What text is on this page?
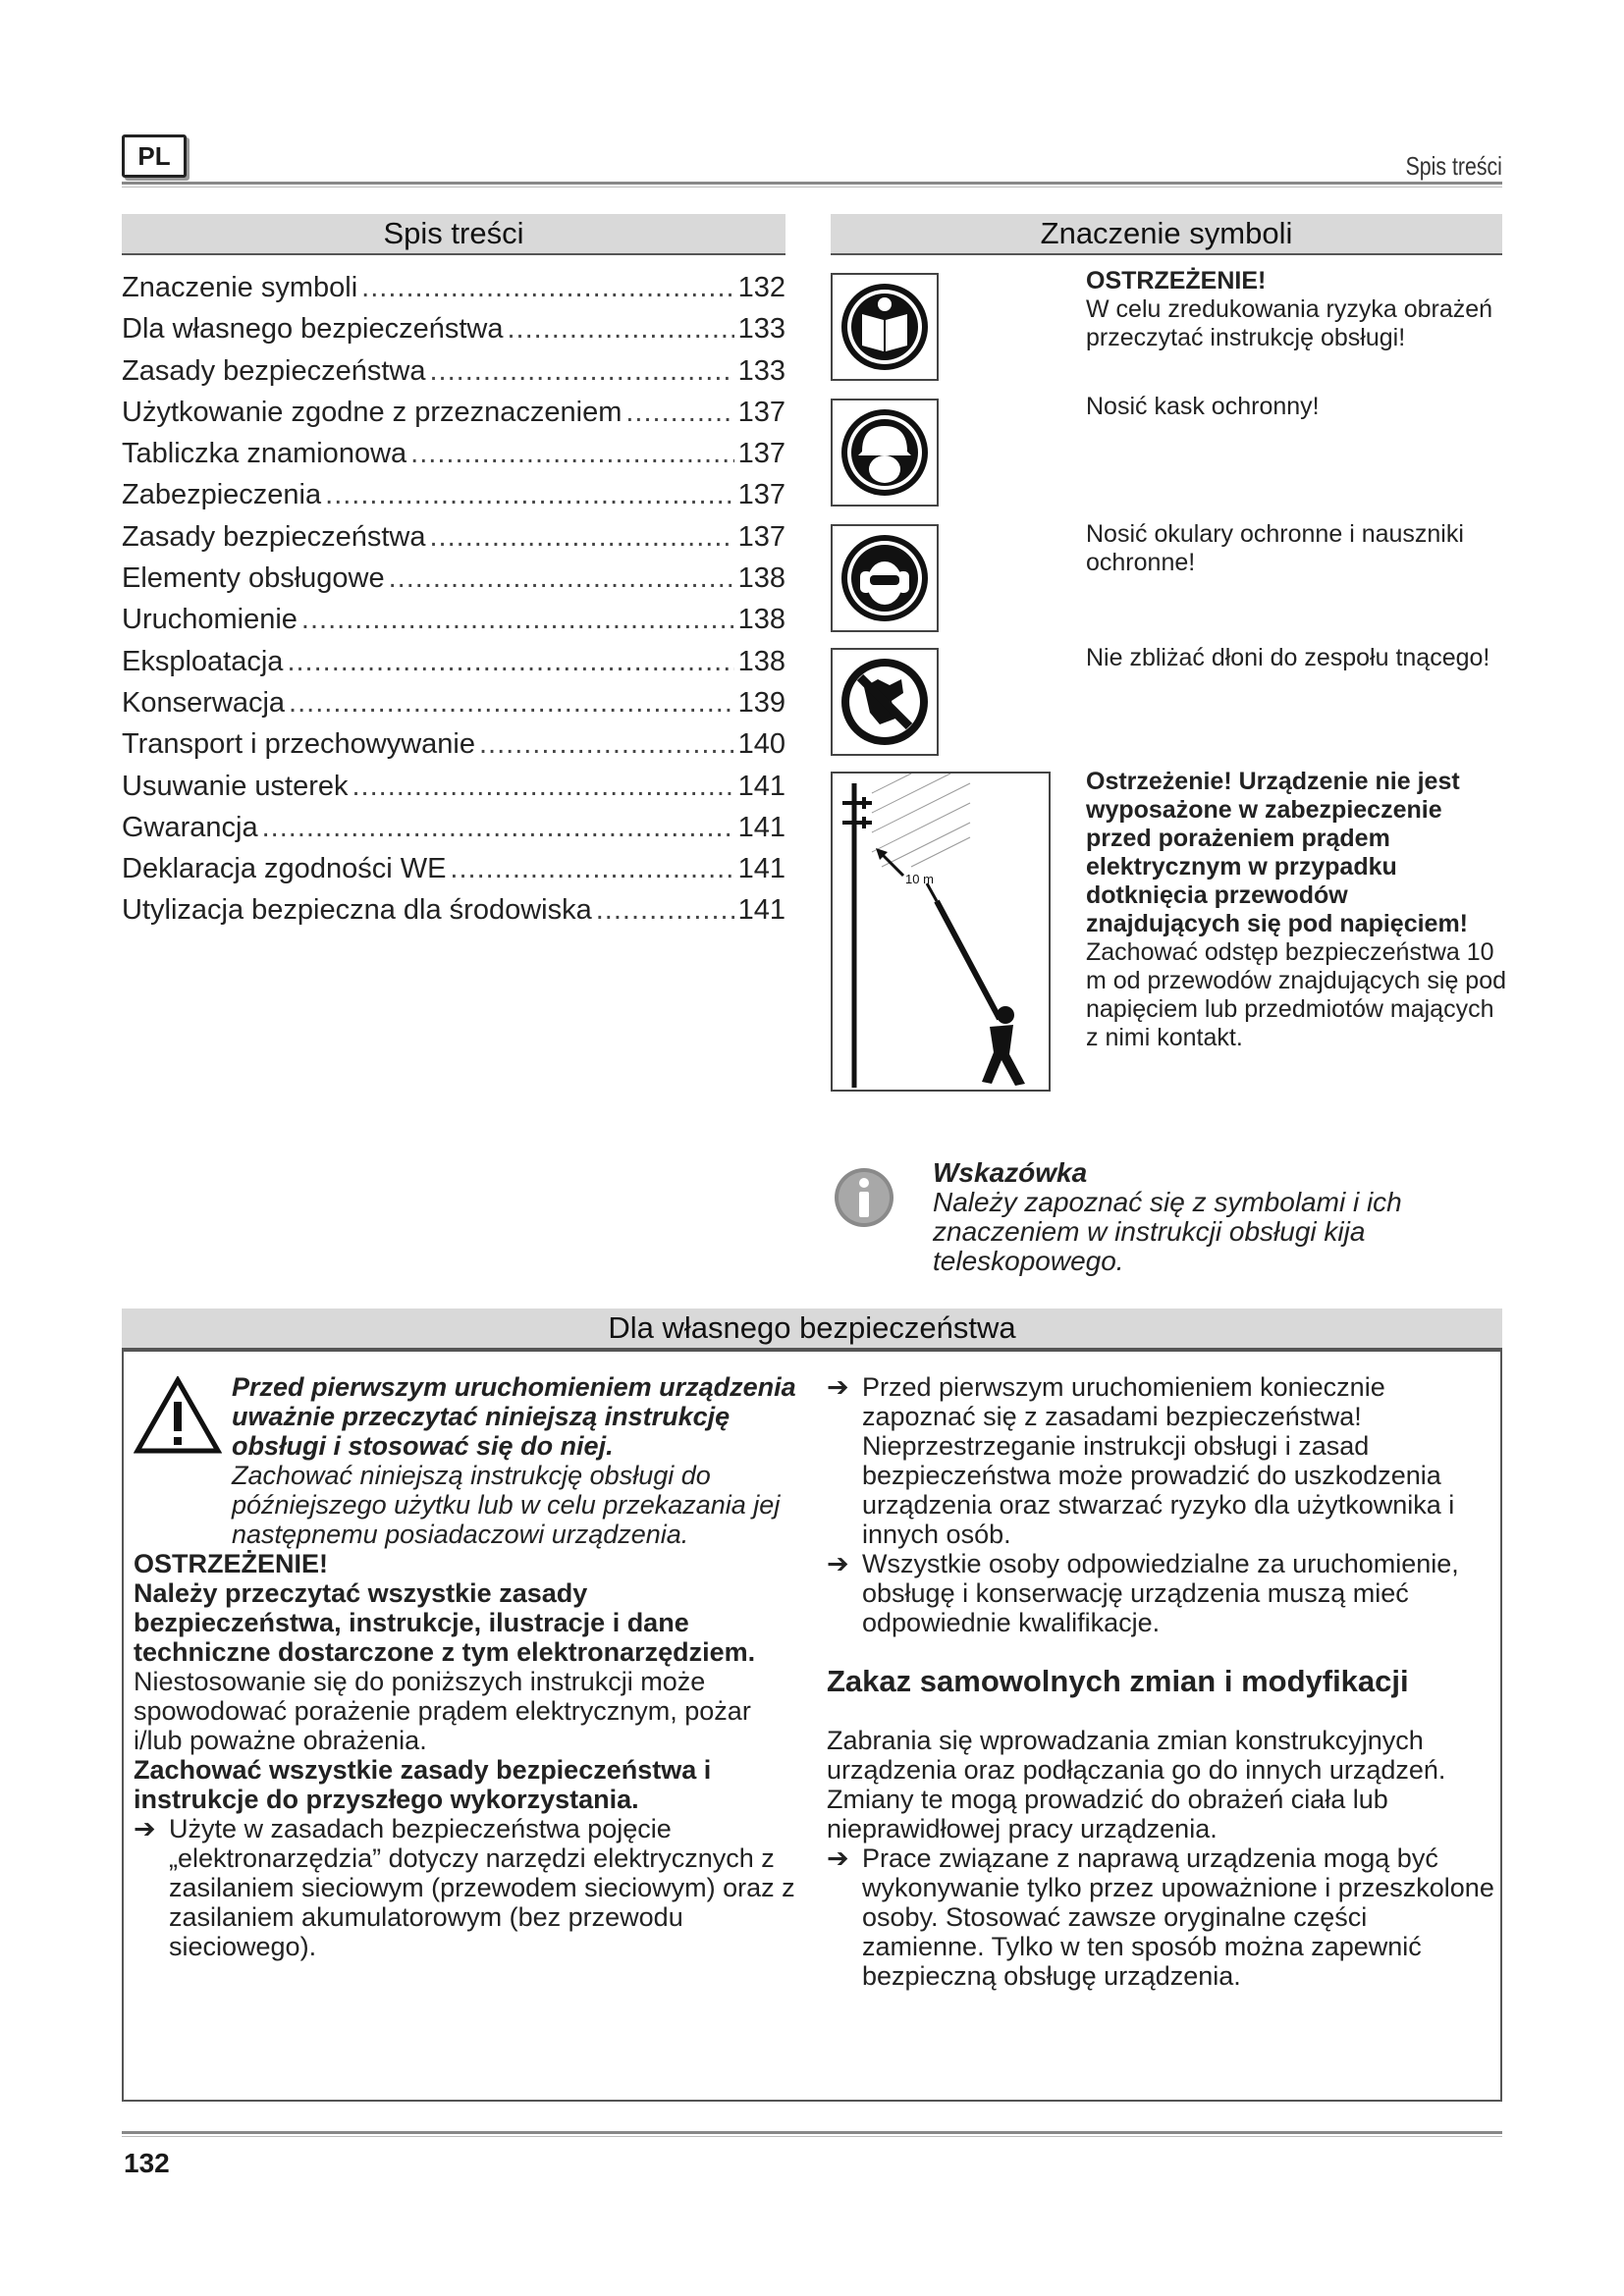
PL	Spis treści
Spis treści
Znaczenie symboli .....	132
Dla własnego bezpieczeństwa .....	133
Zasady bezpieczeństwa .....	133
Użytkowanie zgodne z przeznaczeniem .....	137
Tabliczka znamionowa .....	137
Zabezpieczenia .....	137
Zasady bezpieczeństwa .....	137
Elementy obsługowe .....	138
Uruchomienie .....	138
Eksploatacja .....	138
Konserwacja .....	139
Transport i przechowywanie .....	140
Usuwanie usterek .....	141
Gwarancja .....	141
Deklaracja zgodności WE .....	141
Utylizacja bezpieczna dla środowiska .....	141
Znaczenie symboli
OSTRZEŻENIE!
W celu zredukowania ryzyka obrażeń przeczytać instrukcję obsługi!
Nosić kask ochronny!
Nosić okulary ochronne i nauszniki ochronne!
Nie zbliżać dłoni do zespołu tnącego!
10 m
Ostrzeżenie! Urządzenie nie jest wyposażone w zabezpieczenie przed porażeniem prądem elektrycznym w przypadku dotknięcia przewodów znajdujących się pod napięciem!
Zachować odstęp bezpieczeństwa 10 m od przewodów znajdujących się pod napięciem lub przedmiotów mających z nimi kontakt.
Wskazówka
Należy zapoznać się z symbolami i ich znaczeniem w instrukcji obsługi kija teleskopowego.
Dla własnego bezpieczeństwa
Przed pierwszym uruchomieniem urządzenia uważnie przeczytać niniejszą instrukcję obsługi i stosować się do niej.
Zachować niniejszą instrukcję obsługi do późniejszego użytku lub w celu przekazania jej następnemu posiadaczowi urządzenia.
OSTRZEŻENIE!
Należy przeczytać wszystkie zasady bezpieczeństwa, instrukcje, ilustracje i dane techniczne dostarczone z tym elektronarzędziem.
Niestosowanie się do poniższych instrukcji może spowodować porażenie prądem elektrycznym, pożar i/lub poważne obrażenia.
Zachować wszystkie zasady bezpieczeństwa i instrukcje do przyszłego wykorzystania.
➔ Użyte w zasadach bezpieczeństwa pojęcie „elektronarzędzia” dotyczy narzędzi elektrycznych z zasilaniem sieciowym (przewodem sieciowym) oraz z zasilaniem akumulatorowym (bez przewodu sieciowego).
➔ Przed pierwszym uruchomieniem koniecznie zapoznać się z zasadami bezpieczeństwa! Nieprzestrzeganie instrukcji obsługi i zasad bezpieczeństwa może prowadzić do uszkodzenia urządzenia oraz stwarzać ryzyko dla użytkownika i innych osób.
➔ Wszystkie osoby odpowiedzialne za uruchomienie, obsługę i konserwację urządzenia muszą mieć odpowiednie kwalifikacje.
Zakaz samowolnych zmian i modyfikacji
Zabrania się wprowadzania zmian konstrukcyjnych urządzenia oraz podłączania go do innych urządzeń. Zmiany te mogą prowadzić do obrażeń ciała lub nieprawidłowej pracy urządzenia.
➔ Prace związane z naprawą urządzenia mogą być wykonywanie tylko przez upoważnione i przeszkolone osoby. Stosować zawsze oryginalne części zamienne. Tylko w ten sposób można zapewnić bezpieczną obsługę urządzenia.
132
